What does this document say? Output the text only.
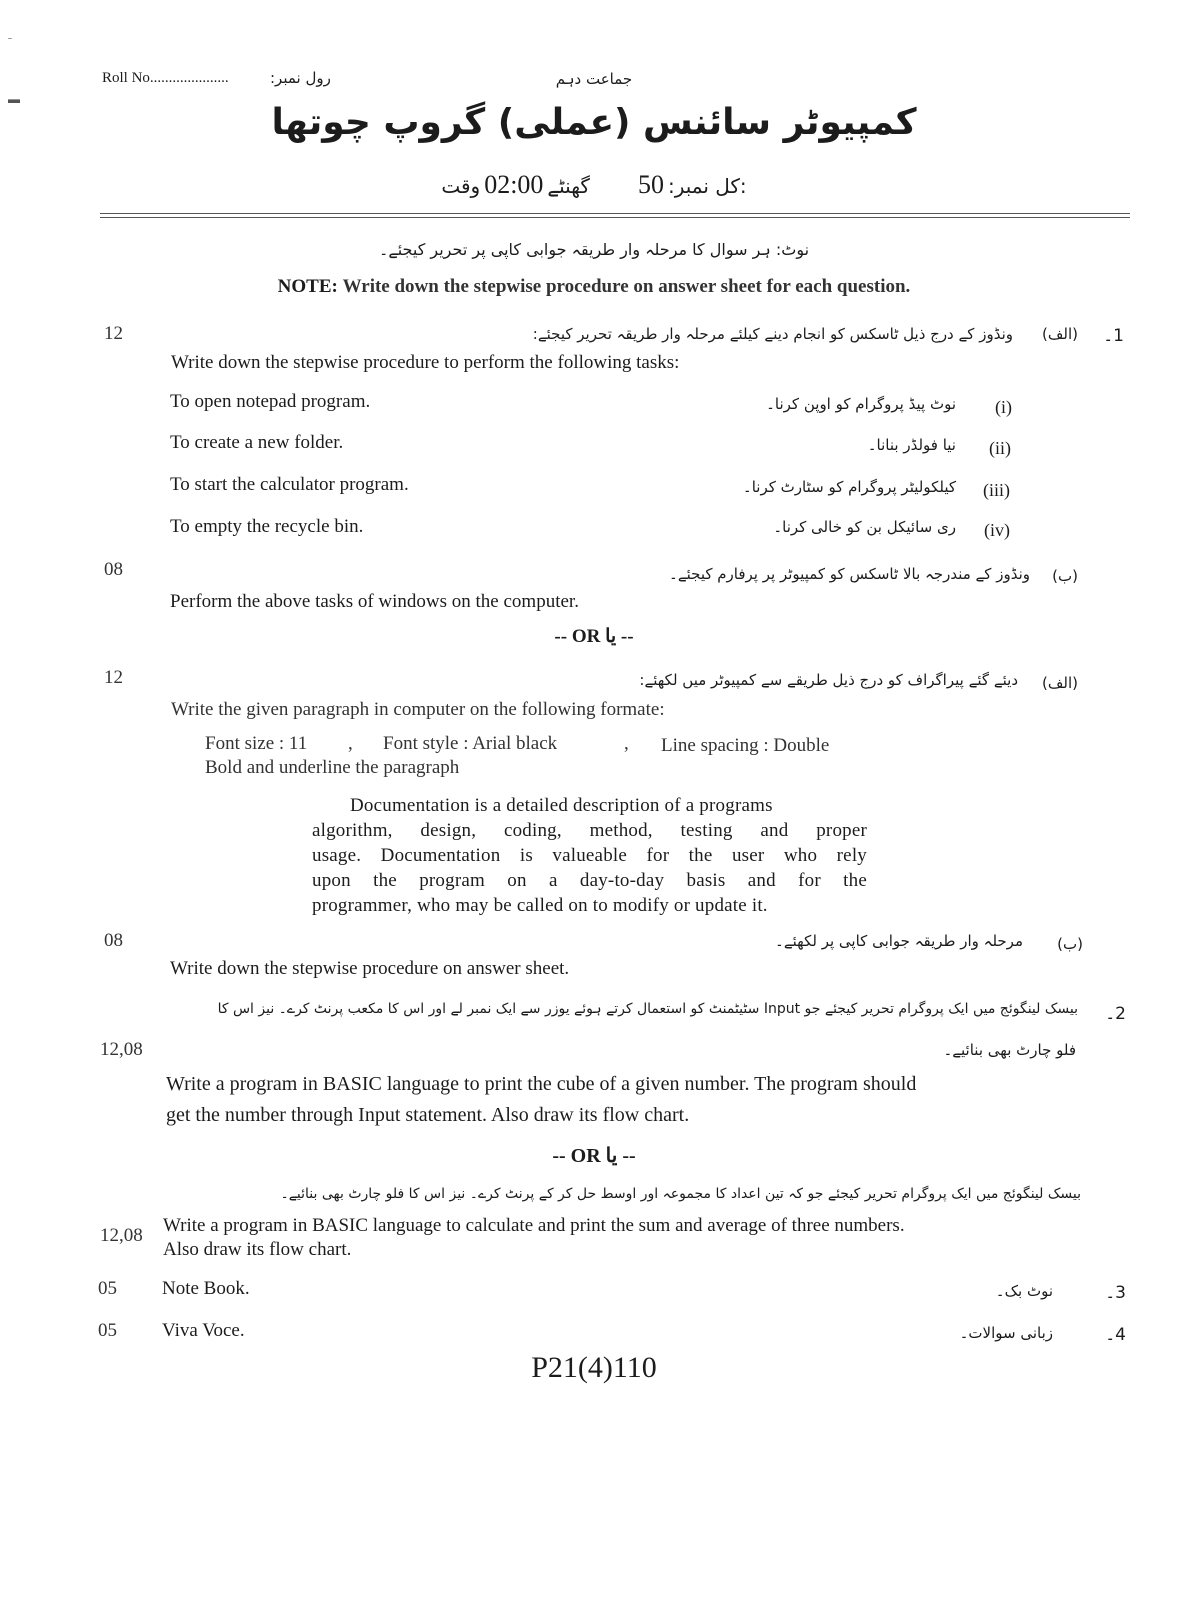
ˉ
▬
Roll No.....................	رول نمبر:	جماعت دہم
کمپیوٹر سائنس (عملی) گروپ چوتھا
کل نمبر: 50  گھنٹے 02:00 وقت:
نوٹ: ہر سوال کا مرحلہ وار طریقہ جوابی کاپی پر تحریر کیجئے۔
NOTE: Write down the stepwise procedure on answer sheet for each question.
12	1۔
(الف)
ونڈوز کے درج ذیل ٹاسکس کو انجام دینے کیلئے مرحلہ وار طریقہ تحریر کیجئے:
Write down the stepwise procedure to perform the following tasks:
To open notepad program.	نوٹ پیڈ پروگرام کو اوپن کرنا۔ (i)
To create a new folder.	نیا فولڈر بنانا۔ (ii)
To start the calculator program.	کیلکولیٹر پروگرام کو سٹارٹ کرنا۔ (iii)
To empty the recycle bin.	ری سائیکل بن کو خالی کرنا۔ (iv)
08	(ب)
ونڈوز کے مندرجہ بالا ٹاسکس کو کمپیوٹر پر پرفارم کیجئے۔
Perform the above tasks of windows on the computer.
-- OR یا --
12	(الف)
دیئے گئے پیراگراف کو درج ذیل طریقے سے کمپیوٹر میں لکھئے:
Write the given paragraph in computer on the following formate:
Font size : 11 , Font style : Arial black	, Line spacing : Double
Bold and underline the paragraph
Documentation is a detailed description of a programs
algorithm, design, coding, method, testing and proper
usage. Documentation is valueable for the user who rely
upon the program on a day-to-day basis and for the
programmer, who may be called on to modify or update it.
08	(ب)
مرحلہ وار طریقہ جوابی کاپی پر لکھئے۔
Write down the stepwise procedure on answer sheet.
2۔
بیسک لینگوئج میں ایک پروگرام تحریر کیجئے جو Input سٹیٹمنٹ کو استعمال کرتے ہوئے یوزر سے ایک نمبر لے اور اس کا مکعب پرنٹ کرے۔ نیز اس کا
12,08	فلو چارٹ بھی بنائیے۔
Write a program in BASIC language to print the cube of a given number. The program should
get the number through Input statement. Also draw its flow chart.
-- OR یا --
بیسک لینگوئج میں ایک پروگرام تحریر کیجئے جو کہ تین اعداد کا مجموعہ اور اوسط حل کر کے پرنٹ کرے۔ نیز اس کا فلو چارٹ بھی بنائیے۔
Write a program in BASIC language to calculate and print the sum and average of three numbers.
12,08
Also draw its flow chart.
05 Note Book.	نوٹ بک۔	3۔
05 Viva Voce.	زبانی سوالات۔	4۔
P21(4)110
